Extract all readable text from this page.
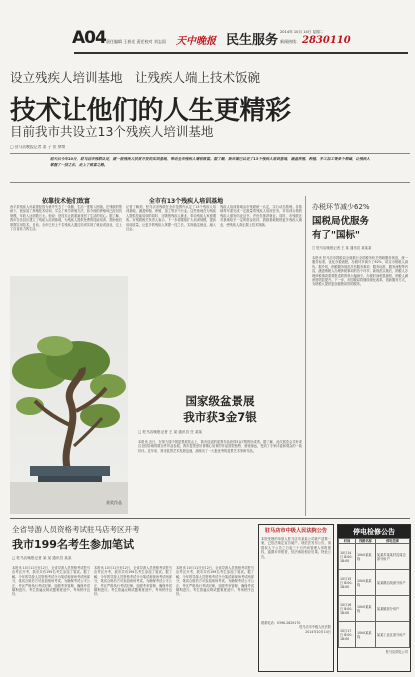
A04 责任编辑 王春光 责任校对 刘志国 天中晚报 民生服务
2014年 10月 14日 星期二
新闻热线： 2830110
设立残疾人培训基地　让残疾人端上技术饭碗
技术让他们的人生更精彩
目前我市共设立13个残疾人培训基地
□ 驻马店晚报记者 姜 子 张 黎黎
前天从今年10月，驻马店市残联认定，建一批残疾人扶贫开发的实训基地，带动全市残疾人增收致富。据了解，我市现已认定了13个残疾人培训基地，涵盖养殖、种植、手工加工等多个领域，让残疾人掌握了一技之长，走上了致富之路。
依靠技术他们致富
西平县残疾人孙某曾经因为意外失去了一条腿，生活一度陷入困境。在残联的帮助下，他参加了养殖技术培训，学会了科学养殖方法，如今他的养殖场已经初具规模，年收入达到数万元。他说：是技术让我重新找回了生活的信心。据了解，我市在各县区建立了残疾人培训基地，为残疾人提供免费的技能培训，帮助他们掌握实用技术。目前，全市已有上千名残疾人通过培训实现了就业或创业，过上了自食其力的生活。
全市有13个残疾人培训基地
记者了解到，驻马店市残联在全市范围内认定了13个残疾人培训基地，涵盖种植、养殖、加工等多个行业。这些基地在为残疾人提供技能培训的同时，还吸纳残疾人就业，带动残疾人家庭增收。市残联相关负责人表示，下一步将继续扩大培训规模，提高培训质量，让更多的残疾人掌握一技之长，实现稳定就业，融入社会。
残疾人培训基地由市残联统一认定，实行动态管理。各基地每年需完成一定数量的残疾人培训任务，对培训合格的残疾人颁发结业证书，并优先推荐就业。同时，市残联还对基地给予一定的资金扶持，鼓励基地吸纳更多残疾人就业，使残疾人真正端上技术饭碗。
获奖作品
国家级盆景展
我市获3金7银
□ 驻马店晚报记者 王 某 通讯员 任 某某
本报讯 近日，在第九届中国盆景展览会上，我市选送的盆景作品获得3金7银的好成绩。据了解，此次展览会共有来自全国各地的数百件作品参展，我市盆景爱好者精心培育的作品造型独特、意境深远，受到了专家评委和观众的一致好评。近年来，我市盆景艺术发展迅速，涌现出了一大批优秀的盆景艺术家和作品。
办税环节减少62%
国税局优服务
有了"国标"
□ 驻马店晚报记者 王 某 通讯员 某某某
本报讯 驻马店市国税局全面推行全国税务机关纳税服务规范，统一服务标准，优化办税流程，办税环节减少了62%，切实为纳税人减负。据介绍，纳税服务规范共有服务事项、服务标准、服务流程等内容，涵盖纳税人办理涉税事项的各个环节。新规范实施后，纳税人办理涉税事项需要报送的资料大幅减少，办税时间明显缩短，纳税人满意度明显提升。下一步，市国税局将继续深化改革，创新服务方式，为纳税人提供更加便捷高效的服务。
全省导游人员资格考试驻马店考区开考
我市199名考生参加笔试
□ 驻马店晚报记者 某 某 通讯员 某某
本报讯 10月11日至12日，全省导游人员资格考试驻马店考区开考，我市共有199名考生参加了笔试。据了解，今年的导游人员资格考试分为笔试和现场考试两部分，笔试合格后方可参加现场考试。为确保考试公平公正，考区严格执行考试纪律，加强考务管理，确保考试顺利进行。考生普遍反映试题难度适中，考场秩序良好。
本报讯 10月11日至12日，全省导游人员资格考试驻马店考区开考，我市共有199名考生参加了笔试。据了解，今年的导游人员资格考试分为笔试和现场考试两部分，笔试合格后方可参加现场考试。为确保考试公平公正，考区严格执行考试纪律，加强考务管理，确保考试顺利进行。考生普遍反映试题难度适中，考场秩序良好。
本报讯 10月11日至12日，全省导游人员资格考试驻马店考区开考，我市共有199名考生参加了笔试。据了解，今年的导游人员资格考试分为笔试和现场考试两部分，笔试合格后方可参加现场考试。为确保考试公平公正，考区严格执行考试纪律，加强考务管理，确保考试顺利进行。考生普遍反映试题难度适中，考场秩序良好。
驻马店市中级人民法院公告
本院受理的申请人驻马店市某某公司破产清算一案，已依法裁定宣告破产。现依法发布公告，请债权人于公告之日起三十日内向管理人申报债权，逾期未申报者，依法承担相应后果。特此公告。
联系电话：0396-2829170
驻马店市中级人民法院
2014年10月14日
停电检修公告
时间	线路名称	停电范围
10月14日 8:00-18:00	10kV某某线	某某乡某某村及周边部分用户
10月15日 8:00-18:00	10kV某某线	某某路沿线部分用户
10月16日 8:00-18:00	10kV某某线	某某镇部分用户
10月17日 8:00-18:00	10kV某某线	某某工业区部分用户
驻马店供电公司
